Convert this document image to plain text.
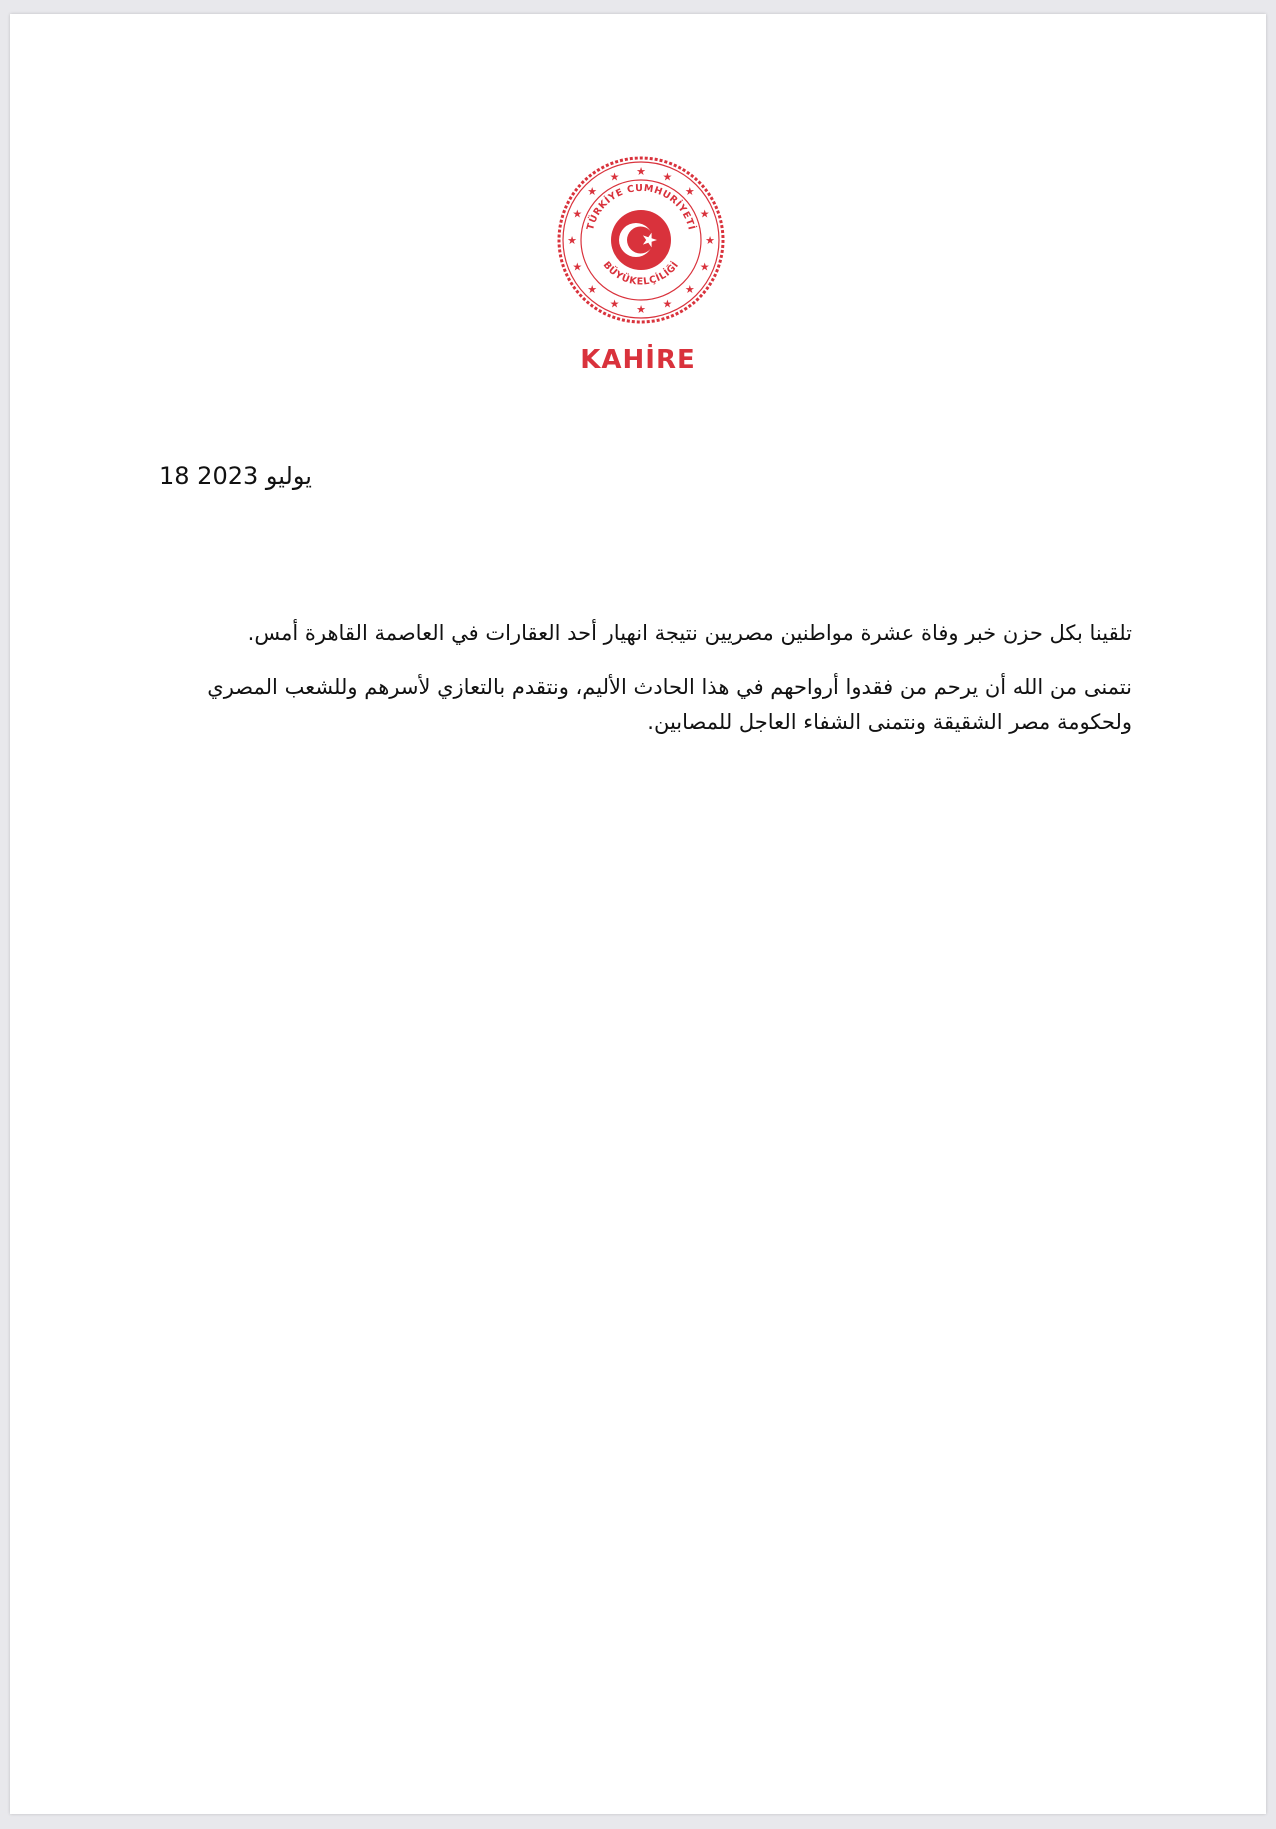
★ ★
★
★
★
★
★
★
★
★
★
★
★
★
★
★
TÜRKİYE CUMHURİYETİ
BÜYÜKELÇİLİĞİ
KAHİRE
18 يوليو 2023
تلقينا بكل حزن خبر وفاة عشرة مواطنين مصريين نتيجة انهيار أحد العقارات في العاصمة القاهرة أمس.
نتمنى من الله أن يرحم من فقدوا أرواحهم في هذا الحادث الأليم، ونتقدم بالتعازي لأسرهم وللشعب المصري ولحكومة مصر الشقيقة ونتمنى الشفاء العاجل للمصابين.
